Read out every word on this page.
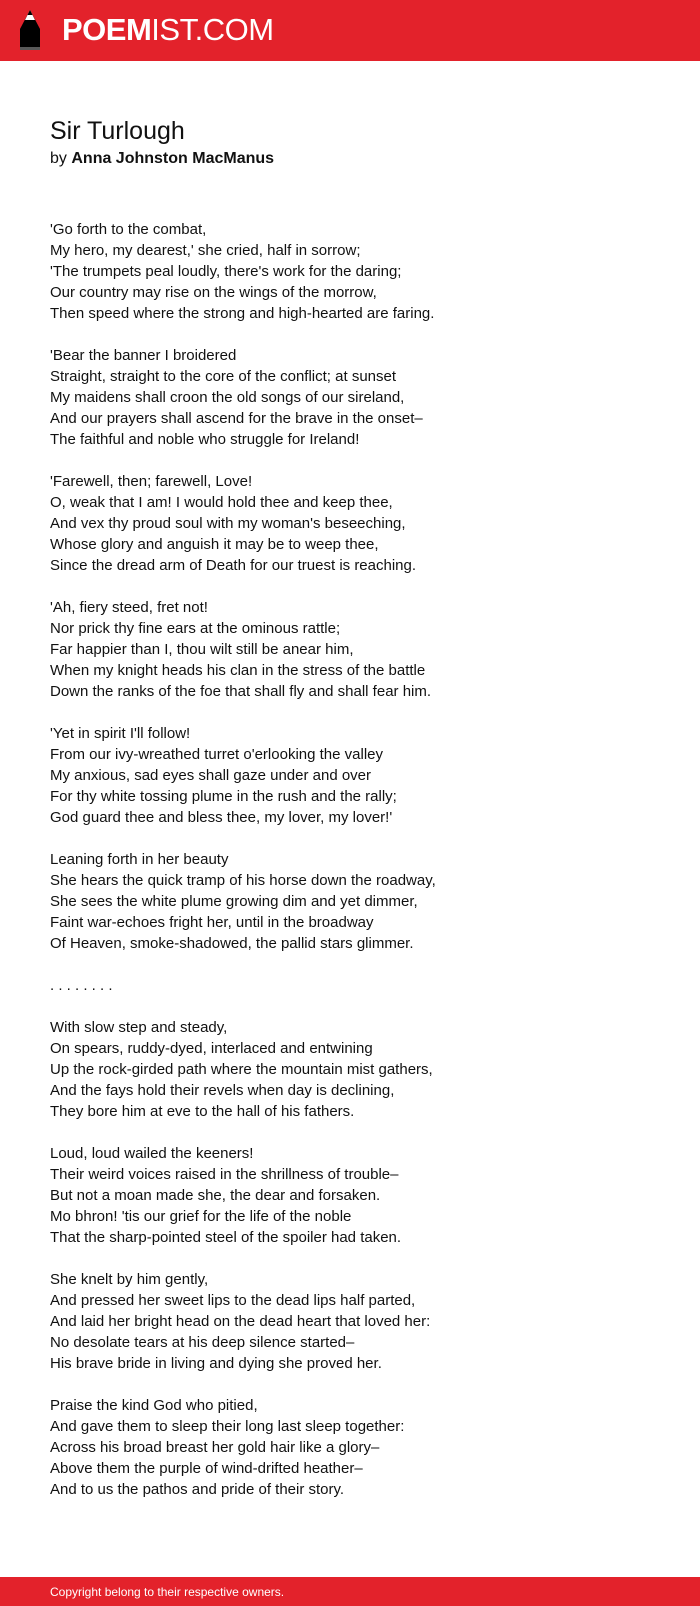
POEMIST.COM
Sir Turlough
by Anna Johnston MacManus
'Go forth to the combat,
My hero, my dearest,' she cried, half in sorrow;
'The trumpets peal loudly, there's work for the daring;
Our country may rise on the wings of the morrow,
Then speed where the strong and high-hearted are faring.
'Bear the banner I broidered
Straight, straight to the core of the conflict; at sunset
My maidens shall croon the old songs of our sireland,
And our prayers shall ascend for the brave in the onset–
The faithful and noble who struggle for Ireland!
'Farewell, then; farewell, Love!
O, weak that I am! I would hold thee and keep thee,
And vex thy proud soul with my woman's beseeching,
Whose glory and anguish it may be to weep thee,
Since the dread arm of Death for our truest is reaching.
'Ah, fiery steed, fret not!
Nor prick thy fine ears at the ominous rattle;
Far happier than I, thou wilt still be anear him,
When my knight heads his clan in the stress of the battle
Down the ranks of the foe that shall fly and shall fear him.
'Yet in spirit I'll follow!
From our ivy-wreathed turret o'erlooking the valley
My anxious, sad eyes shall gaze under and over
For thy white tossing plume in the rush and the rally;
God guard thee and bless thee, my lover, my lover!'
Leaning forth in her beauty
She hears the quick tramp of his horse down the roadway,
She sees the white plume growing dim and yet dimmer,
Faint war-echoes fright her, until in the broadway
Of Heaven, smoke-shadowed, the pallid stars glimmer.
. . . . . . . .
With slow step and steady,
On spears, ruddy-dyed, interlaced and entwining
Up the rock-girded path where the mountain mist gathers,
And the fays hold their revels when day is declining,
They bore him at eve to the hall of his fathers.
Loud, loud wailed the keeners!
Their weird voices raised in the shrillness of trouble–
But not a moan made she, the dear and forsaken.
Mo bhron! 'tis our grief for the life of the noble
That the sharp-pointed steel of the spoiler had taken.
She knelt by him gently,
And pressed her sweet lips to the dead lips half parted,
And laid her bright head on the dead heart that loved her:
No desolate tears at his deep silence started–
His brave bride in living and dying she proved her.
Praise the kind God who pitied,
And gave them to sleep their long last sleep together:
Across his broad breast her gold hair like a glory–
Above them the purple of wind-drifted heather–
And to us the pathos and pride of their story.
Copyright belong to their respective owners.
